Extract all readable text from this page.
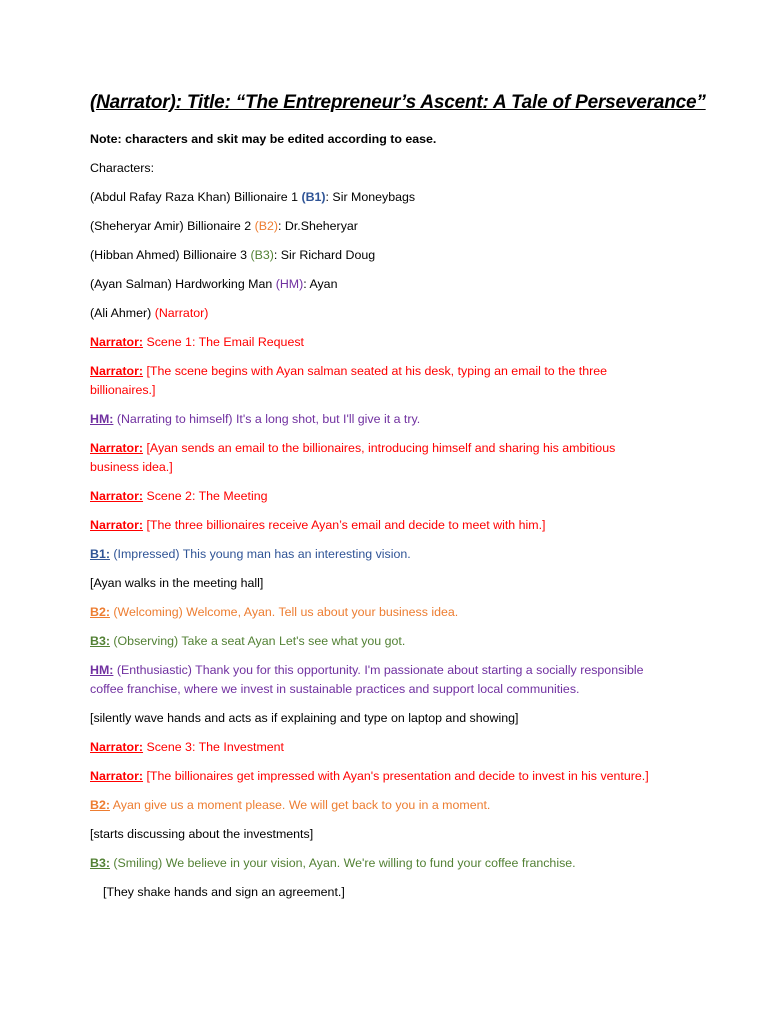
(Narrator): Title: “The Entrepreneur’s Ascent: A Tale of Perseverance”
Note: characters and skit may be edited according to ease.
Characters:
(Abdul Rafay Raza Khan) Billionaire 1 (B1): Sir Moneybags
(Sheheryar Amir) Billionaire 2 (B2): Dr.Sheheryar
(Hibban Ahmed) Billionaire 3 (B3): Sir Richard Doug
(Ayan Salman) Hardworking Man (HM): Ayan
(Ali Ahmer) (Narrator)
Narrator: Scene 1: The Email Request
Narrator: [The scene begins with Ayan salman seated at his desk, typing an email to the three billionaires.]
HM: (Narrating to himself) It's a long shot, but I'll give it a try.
Narrator: [Ayan sends an email to the billionaires, introducing himself and sharing his ambitious business idea.]
Narrator: Scene 2: The Meeting
Narrator: [The three billionaires receive Ayan’s email and decide to meet with him.]
B1: (Impressed) This young man has an interesting vision.
[Ayan walks in the meeting hall]
B2: (Welcoming) Welcome, Ayan. Tell us about your business idea.
B3: (Observing) Take a seat Ayan Let's see what you got.
HM: (Enthusiastic) Thank you for this opportunity. I'm passionate about starting a socially responsible coffee franchise, where we invest in sustainable practices and support local communities.
[silently wave hands and acts as if explaining and type on laptop and showing]
Narrator: Scene 3: The Investment
Narrator: [The billionaires get impressed with Ayan's presentation and decide to invest in his venture.]
B2: Ayan give us a moment please. We will get back to you in a moment.
[starts discussing about the investments]
B3: (Smiling) We believe in your vision, Ayan. We're willing to fund your coffee franchise.
[They shake hands and sign an agreement.]
